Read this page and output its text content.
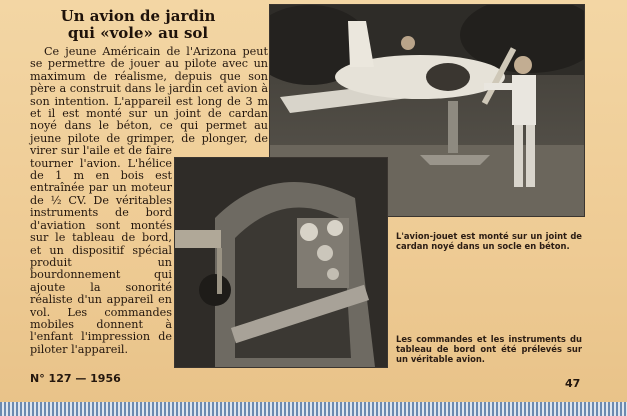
Un avion de jardin
qui «vole» au sol

Ce jeune Américain de l'Arizona peut se permettre de jouer au pilote avec un maximum de réalisme, depuis que son père a construit dans le jardin cet avion à son intention. L'appareil est long de 3 m et il est monté sur un joint de cardan noyé dans le béton, ce qui permet au jeune pilote de grimper, de plonger, de virer sur l'aile et de faire tourner l'avion. L'hélice de 1 m en bois est entraînée par un moteur de ½ CV. De véritables instruments de bord d'aviation sont montés sur le tableau de bord, et un dispositif spécial produit un bourdonnement qui ajoute la sonorité réaliste d'un appareil en vol. Les commandes mobiles donnent à l'enfant l'impression de piloter l'appareil.

L'avion-jouet est monté sur un joint de cardan noyé dans un socle en béton.
Les commandes et les instruments du tableau de bord ont été prélevés sur un véritable avion.
N° 127 — 1956	47
